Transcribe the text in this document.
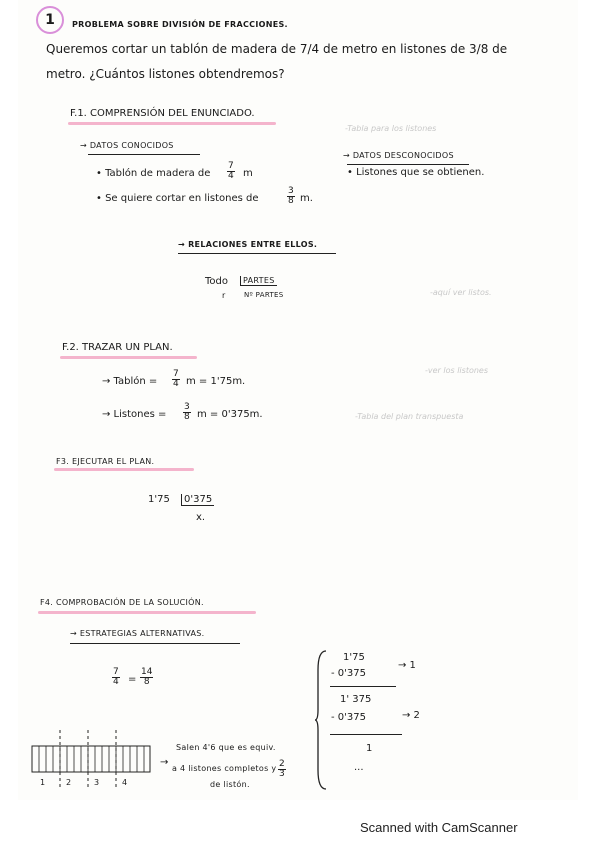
1	PROBLEMA SOBRE DIVISIÓN DE FRACCIONES.
Queremos cortar un tablón de madera de 7/4 de metro en listones de 3/8 de
metro. ¿Cuántos listones obtendremos?
-Tabla para los listones
-aquí ver listos.
-ver los listones
-Tabla del plan transpuesta
F.1. COMPRENSIÓN DEL ENUNCIADO.
→ DATOS CONOCIDOS
• Tablón de madera de $\frac{7}{4}$ m
• Se quiere cortar en listones de	$\frac{3}{8} m$.
→ DATOS DESCONOCIDOS
• Listones que se obtienen.
→ RELACIONES ENTRE ELLOS.
Todo	PARTES
r	Nº PARTES
F.2. TRAZAR UN PLAN.
→ Tablón = $\frac{7}{4}$ m = 1'75m.
→ Listones = $\frac{3}{8}$ m = 0'375m.
F3. EJECUTAR EL PLAN.
1'75	0'375
x.
F4. COMPROBACIÓN DE LA SOLUCIÓN.
→ ESTRATEGIAS ALTERNATIVAS.
$\frac{7}{4} = \frac{14}{8}$
1	2	3	4
→
Salen 4'6 que es equiv.
a 4 listones completos y $\frac{2}{3}$
de listón.
1'75
- 0'375
→ 1
1' 375
- 0'375	→ 2
1
...
Scanned with CamScanner
